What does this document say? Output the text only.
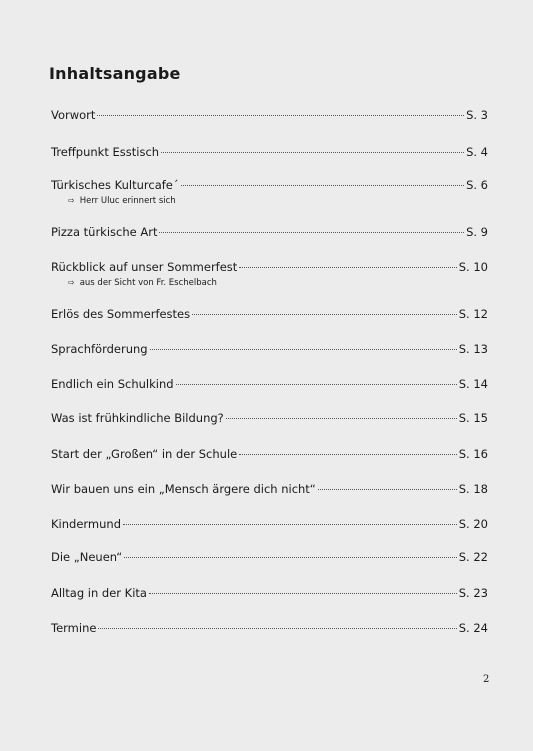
Inhaltsangabe
Vorwort	S. 3
Treffpunkt Esstisch	S. 4
Türkisches Kulturcafe´	S. 6
⇨ Herr Uluc erinnert sich
Pizza türkische Art	S. 9
Rückblick auf unser Sommerfest	S. 10
⇨ aus der Sicht von Fr. Eschelbach
Erlös des Sommerfestes	S. 12
Sprachförderung	S. 13
Endlich ein Schulkind	S. 14
Was ist frühkindliche Bildung?	S. 15
Start der „Großen“ in der Schule	S. 16
Wir bauen uns ein „Mensch ärgere dich nicht“	S. 18
Kindermund	S. 20
Die „Neuen“	S. 22
Alltag in der Kita	S. 23
Termine	S. 24
2
